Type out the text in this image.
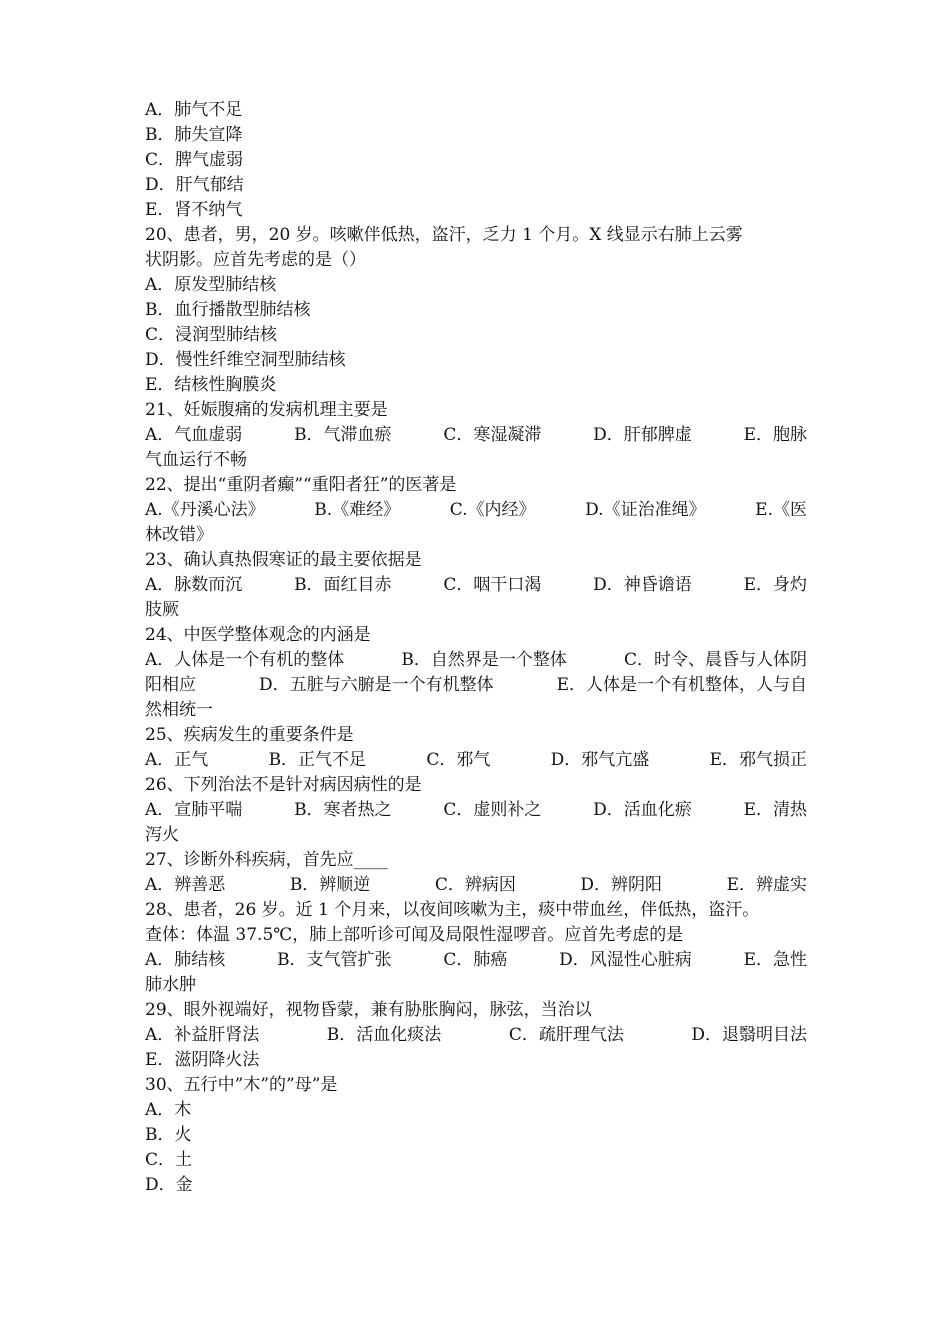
A．肺气不足
B．肺失宣降
C．脾气虚弱
D．肝气郁结
E．肾不纳气
20、患者，男，20 岁。咳嗽伴低热，盗汗，乏力 1 个月。X 线显示右肺上云雾
状阴影。应首先考虑的是（）
A．原发型肺结核
B．血行播散型肺结核
C．浸润型肺结核
D．慢性纤维空洞型肺结核
E．结核性胸膜炎
21、妊娠腹痛的发病机理主要是
A．气血虚弱	B．气滞血瘀	C．寒湿凝滞	D．肝郁脾虚	E．胞脉
气血运行不畅
22、提出“重阴者癫”“重阳者狂”的医著是
A.《丹溪心法》	B.《难经》	C.《内经》	D.《证治准绳》	E.《医
林改错》
23、确认真热假寒证的最主要依据是
A．脉数而沉	B．面红目赤	C．咽干口渴	D．神昏谵语	E．身灼
肢厥
24、中医学整体观念的内涵是
A．人体是一个有机的整体	B．自然界是一个整体	C．时令、晨昏与人体阴
阳相应	D．五脏与六腑是一个有机整体	E．人体是一个有机整体，人与自
然相统一
25、疾病发生的重要条件是
A．正气	B．正气不足	C．邪气	D．邪气亢盛	E．邪气损正
26、下列治法不是针对病因病性的是
A．宣肺平喘	B．寒者热之	C．虚则补之	D．活血化瘀	E．清热
泻火
27、诊断外科疾病，首先应____
A．辨善恶	B．辨顺逆	C．辨病因	D．辨阴阳	E．辨虚实
28、患者，26 岁。近 1 个月来，以夜间咳嗽为主，痰中带血丝，伴低热，盗汗。
查体：体温 37.5℃，肺上部听诊可闻及局限性湿啰音。应首先考虑的是
A．肺结核	B．支气管扩张	C．肺癌	D．风湿性心脏病	E．急性
肺水肿
29、眼外视端好，视物昏蒙，兼有胁胀胸闷，脉弦，当治以
A．补益肝肾法	B．活血化痰法	C．疏肝理气法	D．退翳明目法
E．滋阴降火法
30、五行中”木”的”母”是
A．木
B．火
C．土
D．金
